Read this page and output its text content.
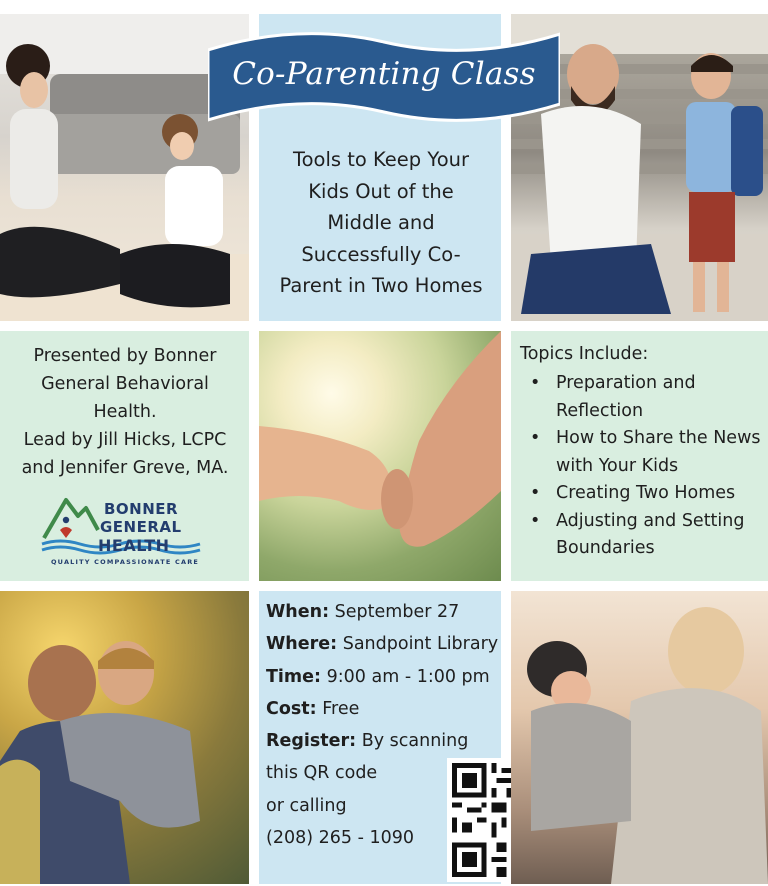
Co-Parenting Class
Tools to Keep Your
Kids Out of the
Middle and
Successfully Co-
Parent in Two Homes
Presented by Bonner
General Behavioral
Health.
Lead by Jill Hicks, LCPC
and Jennifer Greve, MA.
BONNER
GENERAL
HEALTH
QUALITY COMPASSIONATE CARE
Topics Include:
• Preparation and Reflection
• How to Share the News with Your Kids
• Creating Two Homes
• Adjusting and Setting Boundaries
When: September 27
Where: Sandpoint Library
Time: 9:00 am - 1:00 pm
Cost: Free
Register: By scanning
this QR code
or calling
(208) 265 - 1090
